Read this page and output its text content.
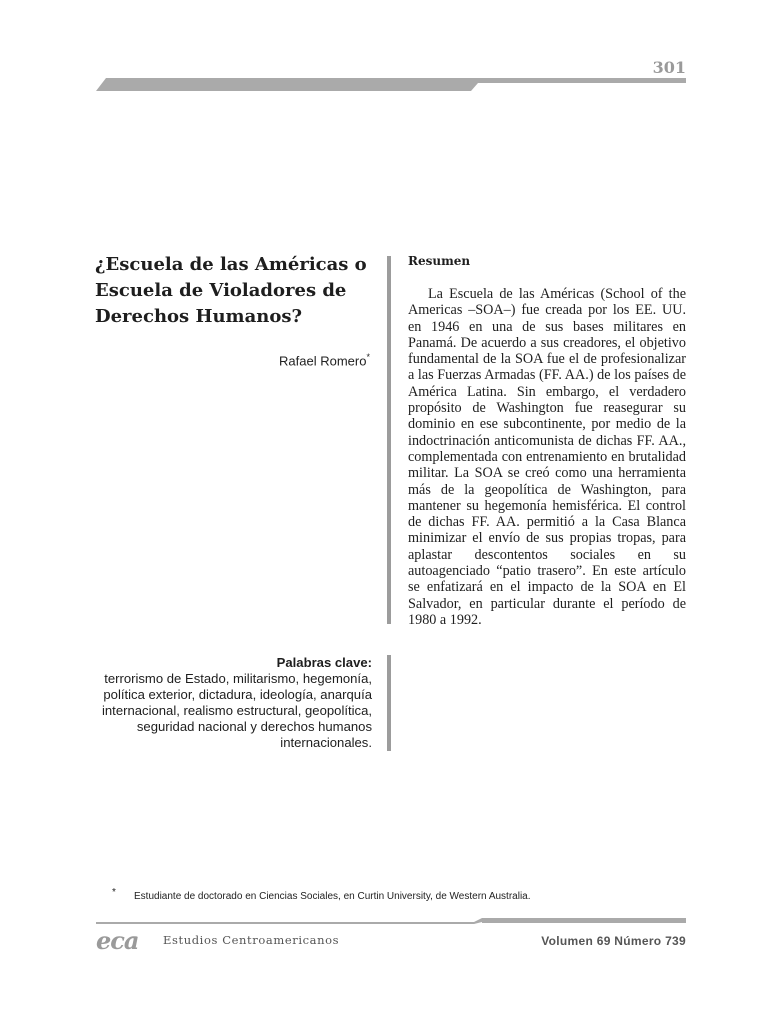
301
¿Escuela de las Américas o Escuela de Violadores de Derechos Humanos?
Rafael Romero*
Resumen

La Escuela de las Américas (School of the Americas –SOA–) fue creada por los EE. UU. en 1946 en una de sus bases militares en Panamá. De acuerdo a sus creadores, el objetivo fundamental de la SOA fue el de profesionalizar a las Fuerzas Armadas (FF. AA.) de los países de América Latina. Sin embargo, el verdadero propósito de Washington fue reasegurar su dominio en ese subcontinente, por medio de la indoctrinación anticomunista de dichas FF. AA., complementada con entrenamiento en brutalidad militar. La SOA se creó como una herramienta más de la geopolítica de Washington, para mantener su hegemonía hemisférica. El control de dichas FF. AA. permitió a la Casa Blanca minimizar el envío de sus propias tropas, para aplastar descontentos sociales en su autoagenciado “patio trasero”. En este artículo se enfatizará en el impacto de la SOA en El Salvador, en particular durante el período de 1980 a 1992.

Palabras clave:
terrorismo de Estado, militarismo, hegemonía, política exterior, dictadura, ideología, anarquía internacional, realismo estructural, geopolítica, seguridad nacional y derechos humanos internacionales.
* Estudiante de doctorado en Ciencias Sociales, en Curtin University, de Western Australia.
eca Estudios Centroamericanos	Volumen 69 Número 739
